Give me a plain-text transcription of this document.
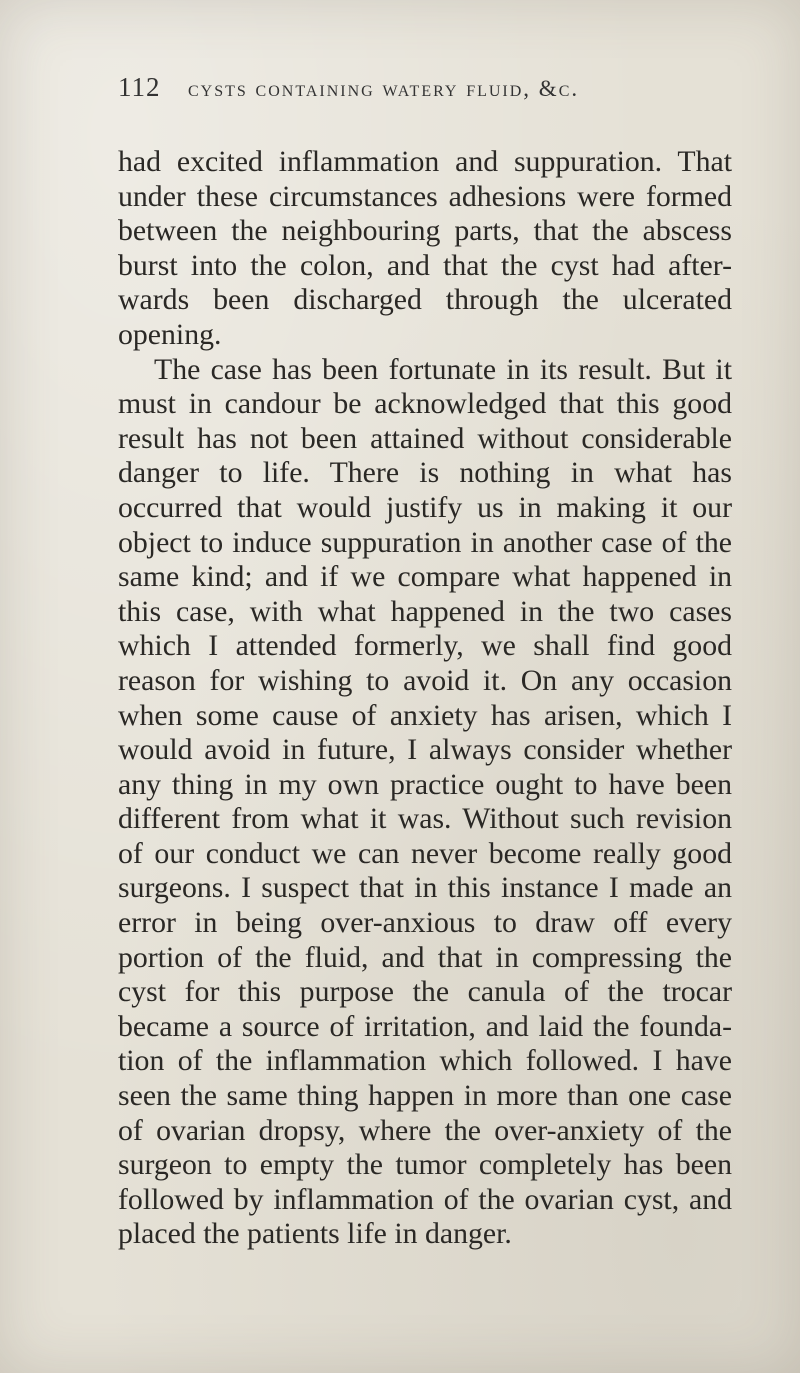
112	cysts containing watery fluid, &c.

had excited inflammation and suppuration. That under these circumstances adhesions were formed between the neighbouring parts, that the abscess burst into the colon, and that the cyst had after-wards been discharged through the ulcerated opening.

The case has been fortunate in its result. But it must in candour be acknowledged that this good result has not been attained without considerable danger to life. There is nothing in what has occurred that would justify us in making it our object to induce suppuration in another case of the same kind; and if we compare what happened in this case, with what happened in the two cases which I attended formerly, we shall find good reason for wishing to avoid it. On any occasion when some cause of anxiety has arisen, which I would avoid in future, I always consider whether any thing in my own practice ought to have been different from what it was. Without such revision of our conduct we can never become really good surgeons. I suspect that in this instance I made an error in being over-anxious to draw off every portion of the fluid, and that in compressing the cyst for this purpose the canula of the trocar became a source of irritation, and laid the founda-tion of the inflammation which followed. I have seen the same thing happen in more than one case of ovarian dropsy, where the over-anxiety of the surgeon to empty the tumor completely has been followed by inflammation of the ovarian cyst, and placed the patients life in danger.
